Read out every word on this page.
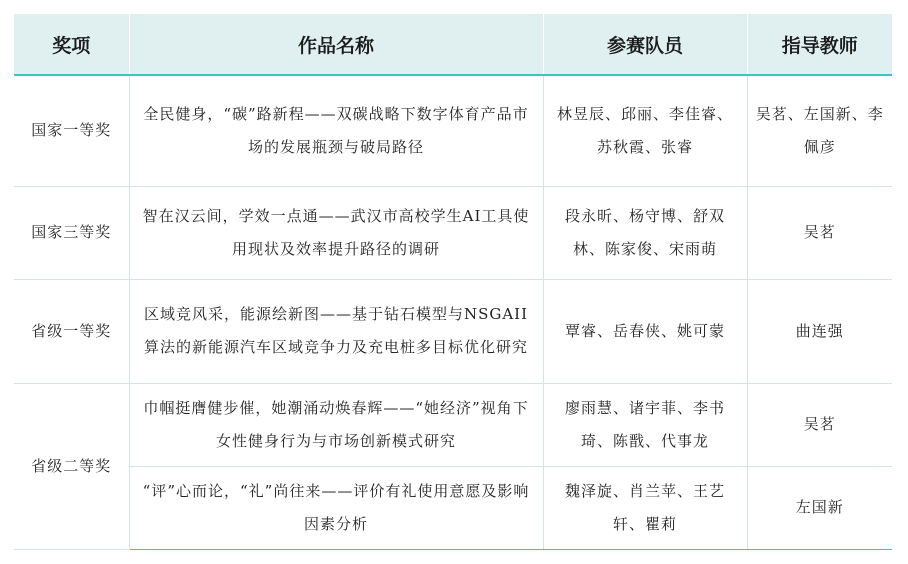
奖项	作品名称	参赛队员	指导教师
国家一等奖	全民健身，“碳”路新程——双碳战略下数字体育产品市场的发展瓶颈与破局路径	林昱辰、邱丽、李佳睿、苏秋霞、张睿	吴茗、左国新、李佩彦
国家三等奖	智在汉云间，学效一点通——武汉市高校学生AI工具使用现状及效率提升路径的调研	段永昕、杨守博、舒双林、陈家俊、宋雨萌	吴茗
省级一等奖	区域竞风采，能源绘新图——基于钻石模型与NSGAII算法的新能源汽车区域竞争力及充电桩多目标优化研究	覃睿、岳春侠、姚可蒙	曲连强
省级二等奖	巾帼挺膺健步催，她潮涌动焕春辉——“她经济”视角下女性健身行为与市场创新模式研究	廖雨慧、诸宇菲、李书琦、陈戬、代事龙	吴茗
	“评”心而论，“礼”尚往来——评价有礼使用意愿及影响因素分析	魏泽旋、肖兰苹、王艺轩、瞿莉	左国新
